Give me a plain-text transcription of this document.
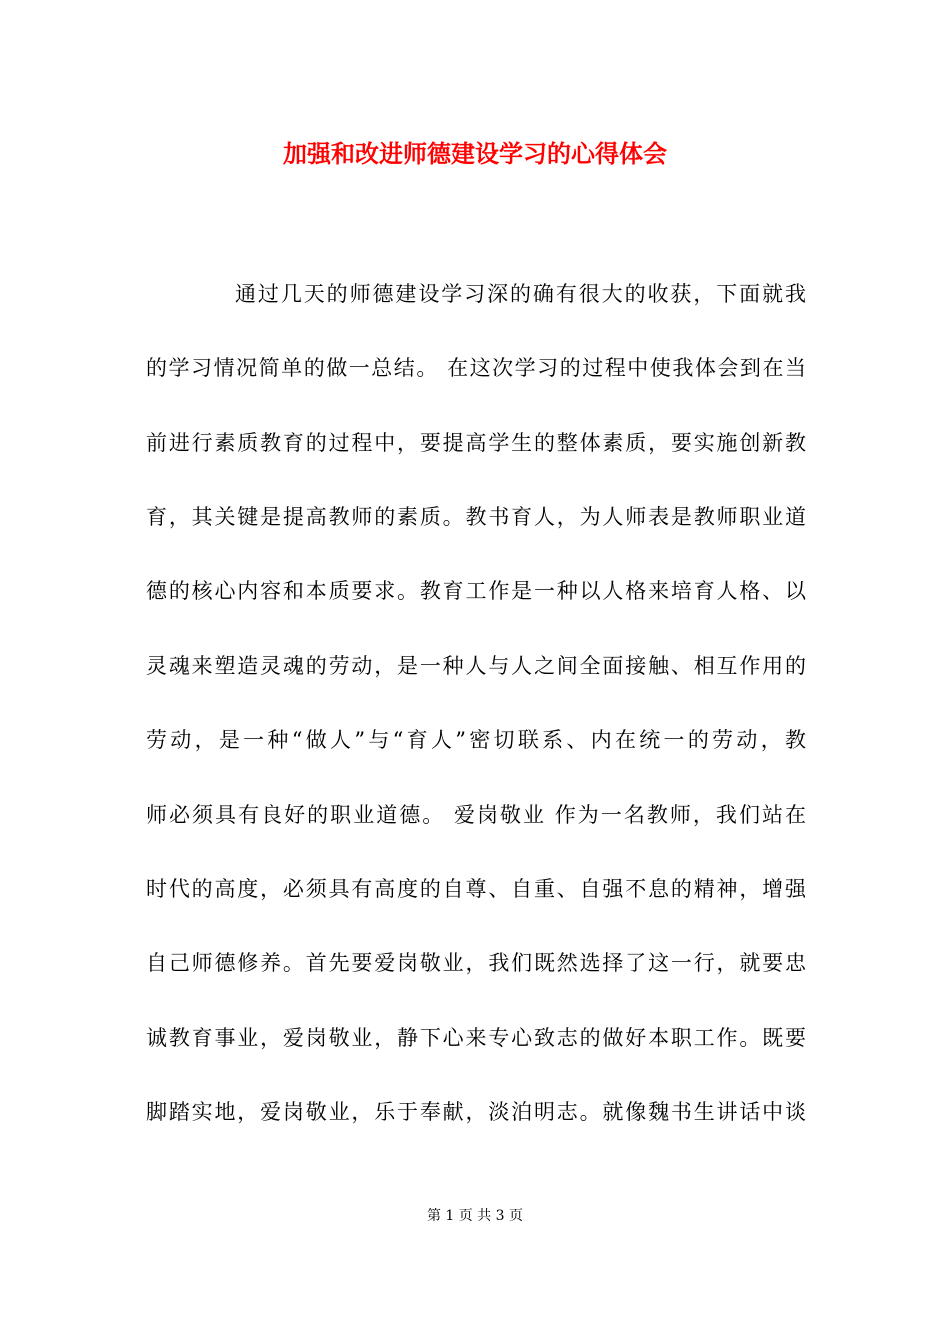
加强和改进师德建设学习的心得体会
通过几天的师德建设学习深的确有很大的收获，下面就我
的学习情况简单的做一总结。 在这次学习的过程中使我体会到在当
前进行素质教育的过程中，要提高学生的整体素质，要实施创新教
育，其关键是提高教师的素质。教书育人，为人师表是教师职业道
德的核心内容和本质要求。教育工作是一种以人格来培育人格、以
灵魂来塑造灵魂的劳动，是一种人与人之间全面接触、相互作用的
劳动，是一种“做人”与“育人”密切联系、内在统一的劳动，教
师必须具有良好的职业道德。 爱岗敬业 作为一名教师，我们站在
时代的高度，必须具有高度的自尊、自重、自强不息的精神，增强
自己师德修养。首先要爱岗敬业，我们既然选择了这一行，就要忠
诚教育事业，爱岗敬业，静下心来专心致志的做好本职工作。既要
脚踏实地，爱岗敬业，乐于奉献，淡泊明志。就像魏书生讲话中谈
第 1 页 共 3 页
